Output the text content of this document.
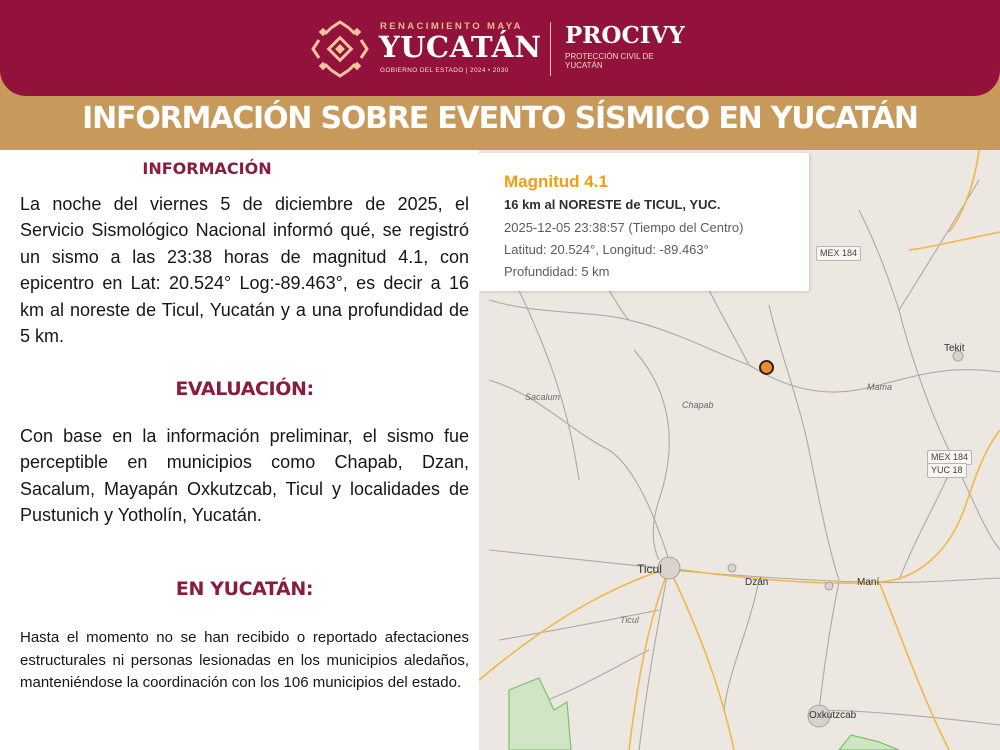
RENACIMIENTO MAYA
YUCATÁN
GOBIERNO DEL ESTADO | 2024 • 2030
PROCIVY
PROTECCIÓN CIVIL DE YUCATÁN
INFORMACIÓN SOBRE EVENTO SÍSMICO EN YUCATÁN
INFORMACIÓN
La noche del viernes 5 de diciembre de 2025, el Servicio Sismológico Nacional informó qué, se registró un sismo a las 23:38 horas de magnitud 4.1, con epicentro en Lat: 20.524° Log:-89.463°, es decir a 16 km al noreste de Ticul, Yucatán y a una profundidad de 5 km.
EVALUACIÓN:
Con base en la información preliminar, el sismo fue perceptible en municipios como Chapab, Dzan, Sacalum, Mayapán Oxkutzcab, Ticul y localidades de Pustunich y Yotholín, Yucatán.
EN YUCATÁN:
Hasta el momento no se han recibido o reportado afectaciones estructurales ni personas lesionadas en los municipios aledaños, manteniéndose la coordinación con los 106 municipios del estado.
MEX 184
MEX 184
YUC 18
Tekit
Mama
Sacalum
Chapab
Ticul
Dzán	Maní
Ticul
Oxkutzcab
Magnitud 4.1
16 km al NORESTE de TICUL, YUC.
2025-12-05 23:38:57 (Tiempo del Centro)
Latitud: 20.524°, Longitud: -89.463°
Profundidad: 5 km
